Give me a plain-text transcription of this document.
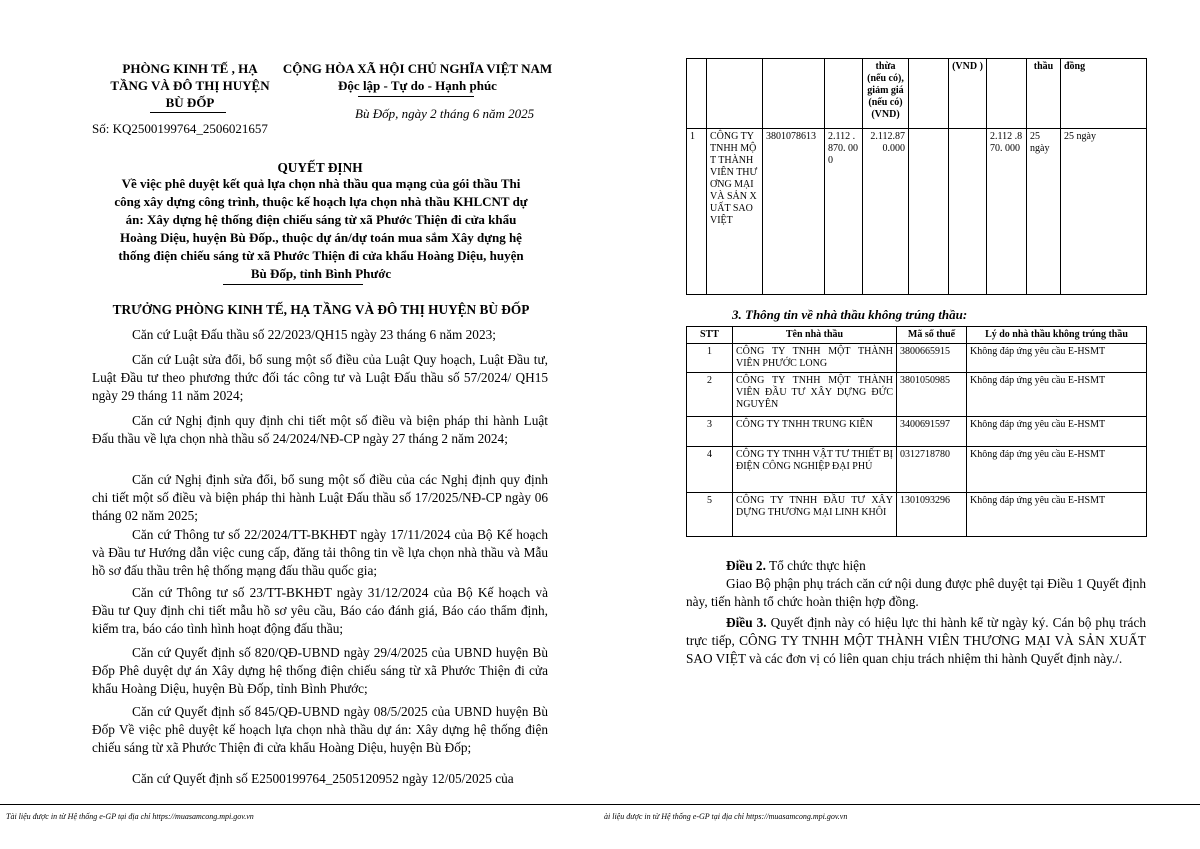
PHÒNG KINH TẾ , HẠ
TẦNG VÀ ĐÔ THỊ HUYỆN
BÙ ĐỐP
Số: KQ2500199764_2506021657
CỘNG HÒA XÃ HỘI CHỦ NGHĨA VIỆT NAM
Độc lập - Tự do - Hạnh phúc
Bù Đốp, ngày 2 tháng 6 năm 2025
QUYẾT ĐỊNH
Về việc phê duyệt kết quả lựa chọn nhà thầu qua mạng của gói thầu Thi
công xây dựng công trình, thuộc kế hoạch lựa chọn nhà thầu KHLCNT dự
án: Xây dựng hệ thống điện chiếu sáng từ xã Phước Thiện đi cửa khẩu
Hoàng Diệu, huyện Bù Đốp., thuộc dự án/dự toán mua sắm Xây dựng hệ
thống điện chiếu sáng từ xã Phước Thiện đi cửa khẩu Hoàng Diệu, huyện
Bù Đốp, tỉnh Bình Phước
TRƯỞNG PHÒNG KINH TẾ, HẠ TẦNG VÀ ĐÔ THỊ HUYỆN BÙ ĐỐP
Căn cứ Luật Đấu thầu số 22/2023/QH15 ngày 23 tháng 6 năm 2023;
Căn cứ Luật sửa đổi, bổ sung một số điều của Luật Quy hoạch, Luật Đầu tư, Luật Đầu tư theo phương thức đối tác công tư và Luật Đấu thầu số 57/2024/ QH15 ngày 29 tháng 11 năm 2024;
Căn cứ Nghị định quy định chi tiết một số điều và biện pháp thi hành Luật Đấu thầu về lựa chọn nhà thầu số 24/2024/NĐ-CP ngày 27 tháng 2 năm 2024;
Căn cứ Nghị định sửa đổi, bổ sung một số điều của các Nghị định quy định chi tiết một số điều và biện pháp thi hành Luật Đấu thầu số 17/2025/NĐ-CP ngày 06 tháng 02 năm 2025;
Căn cứ Thông tư số 22/2024/TT-BKHĐT ngày 17/11/2024 của Bộ Kế hoạch và Đầu tư Hướng dẫn việc cung cấp, đăng tải thông tin về lựa chọn nhà thầu và Mẫu hồ sơ đấu thầu trên hệ thống mạng đấu thầu quốc gia;
Căn cứ Thông tư số 23/TT-BKHĐT ngày 31/12/2024 của Bộ Kế hoạch và Đầu tư Quy định chi tiết mẫu hồ sơ yêu cầu, Báo cáo đánh giá, Báo cáo thẩm định, kiểm tra, báo cáo tình hình hoạt động đấu thầu;
Căn cứ Quyết định số 820/QĐ-UBND ngày 29/4/2025 của UBND huyện Bù Đốp Phê duyệt dự án Xây dựng hệ thống điện chiếu sáng từ xã Phước Thiện đi cửa khẩu Hoàng Diệu, huyện Bù Đốp, tỉnh Bình Phước;
Căn cứ Quyết định số 845/QĐ-UBND ngày 08/5/2025 của UBND huyện Bù Đốp Về việc phê duyệt kế hoạch lựa chọn nhà thầu dự án: Xây dựng hệ thống điện chiếu sáng từ xã Phước Thiện đi cửa khẩu Hoàng Diệu, huyện Bù Đốp;
Căn cứ Quyết định số E2500199764_2505120952 ngày 12/05/2025 của
Tài liệu được in từ Hệ thống e-GP tại địa chỉ https://muasamcong.mpi.gov.vn
				thừa (nếu có), giảm giá (nếu có) (VND)		(VND )		thầu	đồng
1	CÔNG TY TNHH MỘT THÀNH VIÊN THƯƠNG MẠI VÀ SẢN XUẤT SAO VIỆT	3801078613	2.112 .870. 000	2.112.87 0.000			2.112 .870. 000	25 ngày	25 ngày
3. Thông tin về nhà thầu không trúng thầu:
STT	Tên nhà thầu	Mã số thuế	Lý do nhà thầu không trúng thầu
1	CÔNG TY TNHH MỘT THÀNH VIÊN PHƯỚC LONG	3800665915	Không đáp ứng yêu cầu E-HSMT
2	CÔNG TY TNHH MỘT THÀNH VIÊN ĐẦU TƯ XÂY DỰNG ĐỨC NGUYÊN	3801050985	Không đáp ứng yêu cầu E-HSMT
3	CÔNG TY TNHH TRUNG KIÊN	3400691597	Không đáp ứng yêu cầu E-HSMT
4	CÔNG TY TNHH VẬT TƯ THIẾT BỊ ĐIỆN CÔNG NGHIỆP ĐẠI PHÚ	0312718780	Không đáp ứng yêu cầu E-HSMT
5	CÔNG TY TNHH ĐẦU TƯ XÂY DỰNG THƯƠNG MẠI LINH KHÔI	1301093296	Không đáp ứng yêu cầu E-HSMT
Điều 2. Tổ chức thực hiện
Giao Bộ phận phụ trách căn cứ nội dung được phê duyệt tại Điều 1 Quyết định này, tiến hành tổ chức hoàn thiện hợp đồng.
Điều 3. Quyết định này có hiệu lực thi hành kể từ ngày ký. Cán bộ phụ trách trực tiếp, CÔNG TY TNHH MỘT THÀNH VIÊN THƯƠNG MẠI VÀ SẢN XUẤT SAO VIỆT và các đơn vị có liên quan chịu trách nhiệm thi hành Quyết định này./.
ài liệu được in từ Hệ thống e-GP tại địa chỉ https://muasamcong.mpi.gov.vn
